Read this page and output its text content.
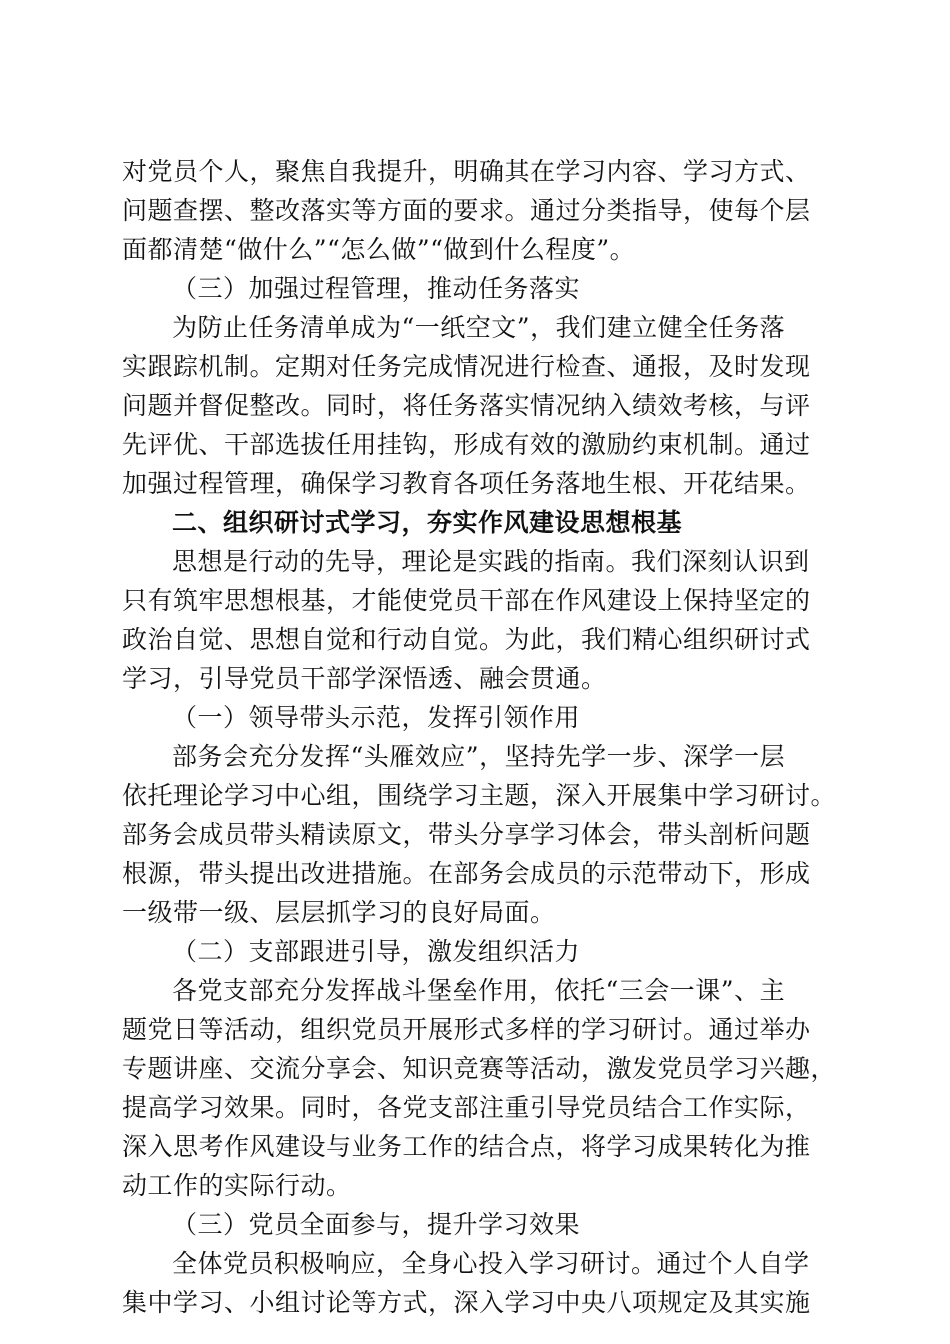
对党员个人，聚焦自我提升，明确其在学习内容、学习方式、

问题查摆、整改落实等方面的要求。通过分类指导，使每个层

面都清楚“做什么”“怎么做”“做到什么程度”。

（三）加强过程管理，推动任务落实

为防止任务清单成为“一纸空文”，我们建立健全任务落

实跟踪机制。定期对任务完成情况进行检查、通报，及时发现

问题并督促整改。同时，将任务落实情况纳入绩效考核，与评

先评优、干部选拔任用挂钩，形成有效的激励约束机制。通过

加强过程管理，确保学习教育各项任务落地生根、开花结果。

二、组织研讨式学习，夯实作风建设思想根基

思想是行动的先导，理论是实践的指南。我们深刻认识到

只有筑牢思想根基，才能使党员干部在作风建设上保持坚定的

政治自觉、思想自觉和行动自觉。为此，我们精心组织研讨式

学习，引导党员干部学深悟透、融会贯通。

（一）领导带头示范，发挥引领作用

部务会充分发挥“头雁效应”，坚持先学一步、深学一层

依托理论学习中心组，围绕学习主题，深入开展集中学习研讨。

部务会成员带头精读原文，带头分享学习体会，带头剖析问题

根源，带头提出改进措施。在部务会成员的示范带动下，形成

一级带一级、层层抓学习的良好局面。

（二）支部跟进引导，激发组织活力

各党支部充分发挥战斗堡垒作用，依托“三会一课”、主

题党日等活动，组织党员开展形式多样的学习研讨。通过举办

专题讲座、交流分享会、知识竞赛等活动，激发党员学习兴趣，

提高学习效果。同时，各党支部注重引导党员结合工作实际，

深入思考作风建设与业务工作的结合点，将学习成果转化为推

动工作的实际行动。

（三）党员全面参与，提升学习效果

全体党员积极响应，全身心投入学习研讨。通过个人自学

集中学习、小组讨论等方式，深入学习中央八项规定及其实施
